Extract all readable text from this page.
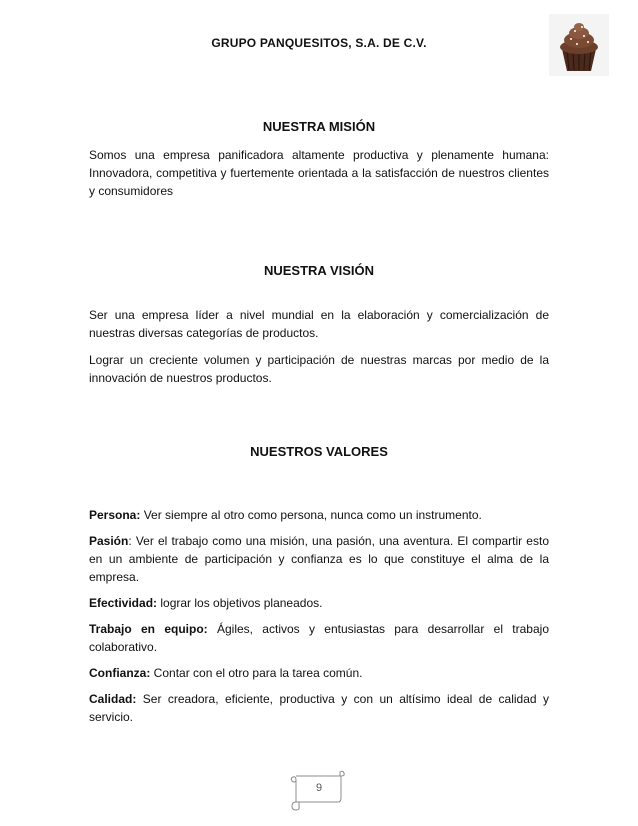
GRUPO PANQUESITOS, S.A. DE C.V.
NUESTRA MISIÓN

Somos una empresa panificadora altamente productiva y plenamente humana: Innovadora, competitiva y fuertemente orientada a la satisfacción de nuestros clientes y consumidores

NUESTRA VISIÓN

Ser una empresa líder a nivel mundial en la elaboración y comercialización de nuestras diversas categorías de productos.

Lograr un creciente volumen y participación de nuestras marcas por medio de la innovación de nuestros productos.

NUESTROS VALORES

Persona: Ver siempre al otro como persona, nunca como un instrumento.

Pasión: Ver el trabajo como una misión, una pasión, una aventura. El compartir esto en un ambiente de participación y confianza es lo que constituye el alma de la empresa.

Efectividad: lograr los objetivos planeados.

Trabajo en equipo: Ágiles, activos y entusiastas para desarrollar el trabajo colaborativo.

Confianza: Contar con el otro para la tarea común.

Calidad: Ser creadora, eficiente, productiva y con un altísimo ideal de calidad y servicio.

9
